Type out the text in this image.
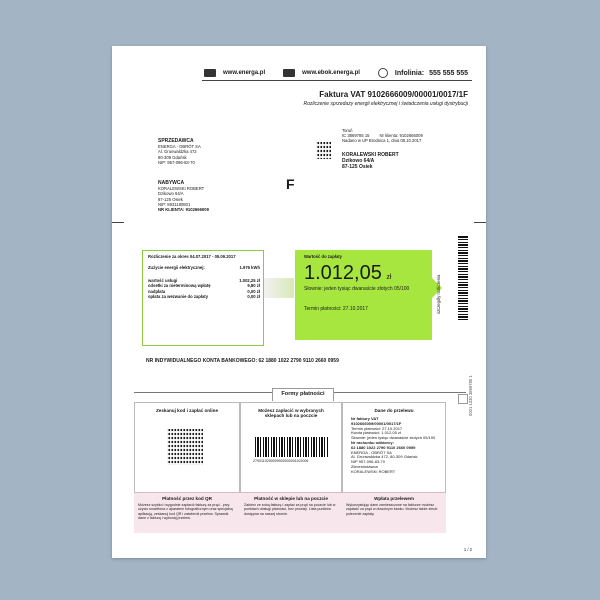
www.energa.pl	www.ebok.energa.pl	Infolinia: 555 555 555
Faktura VAT 9102666009/00001/0017/1F
Rozliczenie sprzedaży energii elektrycznej i świadczenia usługi dystrybucji
SPRZEDAWCA
ENERGA - OBRÓT SA
Al. Grunwaldzka 472
80-309 Gdańsk
NIP: 957-096-83-70
NABYWCA
KORALEWSKI ROBERT
Dzikowo 64/A
87-125 Osiek
NIP: 8931180801
NR KLIENTA: 9102666009
Toruń
IC 3869785 15 Nr klienta: 9102666009
Nadano w UP Brodnica 1, dnia 08.10.2017
KORALEWSKI ROBERT
Dzikowo 64/A
87-125 Osiek
F
Rozliczenie za okres 04.07.2017 - 05.09.2017
Zużycie energii elektrycznej:	1.976 kWh
wartość usługi	1.002,25 zł
odsetki za nieterminową wpłatę	9,80 zł
nadpłata	0,00 zł
opłata za wezwanie do zapłaty	0,00 zł
Wartość do zapłaty
1.012,05 zł
Słownie: jeden tysiąc dwanaście złotych 05/100
Termin płatności: 27.10.2017	szczegóły rozliczenia
0001 1330 3869785 1
NR INDYWIDUALNEGO KONTA BANKOWEGO: 62 1880 1022 2790 9110 2660 0959
Formy płatności
Zeskanuj kod i zapłać online
Płatność przez kod QR
Możesz szybko i wygodnie zapłacić fakturę za prąd - przy użyciu smartfona z aparatem fotograficznym oraz specjalną aplikacją, zeskanuj kod QR i zatwierdź przelew. Sprawdź dane z fakturą i wykonaj przelew.
Możesz zapłacić w wybranych sklepach lub na poczcie
2790110290009900000001102006
Płatność w sklepie lub na poczcie
Zabierz ze sobą fakturę i zapłać za prąd na poczcie lub w punktach obsługi płatności, bez prowizji. Lista punktów dostępna na naszej stronie.
Dane do przelewu
Nr faktury VAT
9102666009/00001/0017/1F
Termin płatności: 27.10.2017
Kwota płatności: 1.012,05 zł
Słownie: jeden tysiąc dwanaście złotych 05/100
Nr rachunku odbiorcy:
62 1880 1022 2790 9110 2660 0959
ENERGA - OBRÓT SA
Al. Grunwaldzka 472, 80-309 Gdańsk
NIP 957-096-83-70
Zleceniodawca
KORALEWSKI ROBERT
Wpłata przelewem
Wykorzystując dane zamieszczone na fakturze możesz zapłacić za prąd w dowolnym banku. Możesz także zlecić polecenie zapłaty.
1 / 2
